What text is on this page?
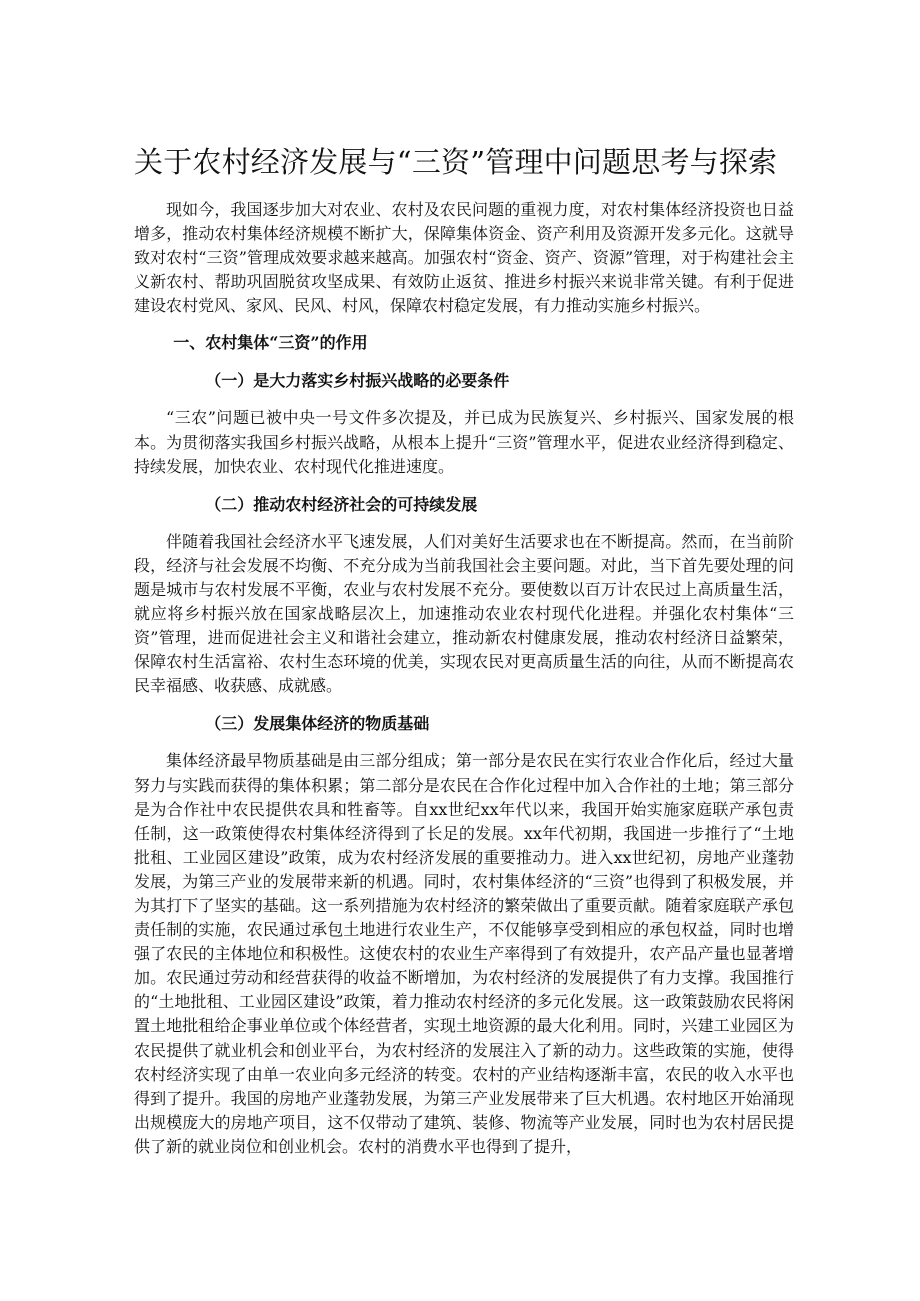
关于农村经济发展与“三资”管理中问题思考与探索

现如今，我国逐步加大对农业、农村及农民问题的重视力度，对农村集体经济投资也日益增多，推动农村集体经济规模不断扩大，保障集体资金、资产利用及资源开发多元化。这就导致对农村“三资”管理成效要求越来越高。加强农村“资金、资产、资源”管理，对于构建社会主义新农村、帮助巩固脱贫攻坚成果、有效防止返贫、推进乡村振兴来说非常关键。有利于促进建设农村党风、家风、民风、村风，保障农村稳定发展，有力推动实施乡村振兴。

一、农村集体“三资”的作用
（一）是大力落实乡村振兴战略的必要条件

“三农”问题已被中央一号文件多次提及，并已成为民族复兴、乡村振兴、国家发展的根本。为贯彻落实我国乡村振兴战略，从根本上提升“三资”管理水平，促进农业经济得到稳定、持续发展，加快农业、农村现代化推进速度。

（二）推动农村经济社会的可持续发展

伴随着我国社会经济水平飞速发展，人们对美好生活要求也在不断提高。然而，在当前阶段，经济与社会发展不均衡、不充分成为当前我国社会主要问题。对此，当下首先要处理的问题是城市与农村发展不平衡，农业与农村发展不充分。要使数以百万计农民过上高质量生活，就应将乡村振兴放在国家战略层次上，加速推动农业农村现代化进程。并强化农村集体“三资”管理，进而促进社会主义和谐社会建立，推动新农村健康发展，推动农村经济日益繁荣，保障农村生活富裕、农村生态环境的优美，实现农民对更高质量生活的向往，从而不断提高农民幸福感、收获感、成就感。

（三）发展集体经济的物质基础

集体经济最早物质基础是由三部分组成；第一部分是农民在实行农业合作化后，经过大量努力与实践而获得的集体积累；第二部分是农民在合作化过程中加入合作社的土地；第三部分是为合作社中农民提供农具和牲畜等。自xx世纪xx年代以来，我国开始实施家庭联产承包责任制，这一政策使得农村集体经济得到了长足的发展。xx年代初期，我国进一步推行了“土地批租、工业园区建设”政策，成为农村经济发展的重要推动力。进入xx世纪初，房地产业蓬勃发展，为第三产业的发展带来新的机遇。同时，农村集体经济的“三资”也得到了积极发展，并为其打下了坚实的基础。这一系列措施为农村经济的繁荣做出了重要贡献。随着家庭联产承包责任制的实施，农民通过承包土地进行农业生产，不仅能够享受到相应的承包权益，同时也增强了农民的主体地位和积极性。这使农村的农业生产率得到了有效提升，农产品产量也显著增加。农民通过劳动和经营获得的收益不断增加，为农村经济的发展提供了有力支撑。我国推行的“土地批租、工业园区建设”政策，着力推动农村经济的多元化发展。这一政策鼓励农民将闲置土地批租给企事业单位或个体经营者，实现土地资源的最大化利用。同时，兴建工业园区为农民提供了就业机会和创业平台，为农村经济的发展注入了新的动力。这些政策的实施，使得农村经济实现了由单一农业向多元经济的转变。农村的产业结构逐渐丰富，农民的收入水平也得到了提升。我国的房地产业蓬勃发展，为第三产业发展带来了巨大机遇。农村地区开始涌现出规模庞大的房地产项目，这不仅带动了建筑、装修、物流等产业发展，同时也为农村居民提供了新的就业岗位和创业机会。农村的消费水平也得到了提升，
